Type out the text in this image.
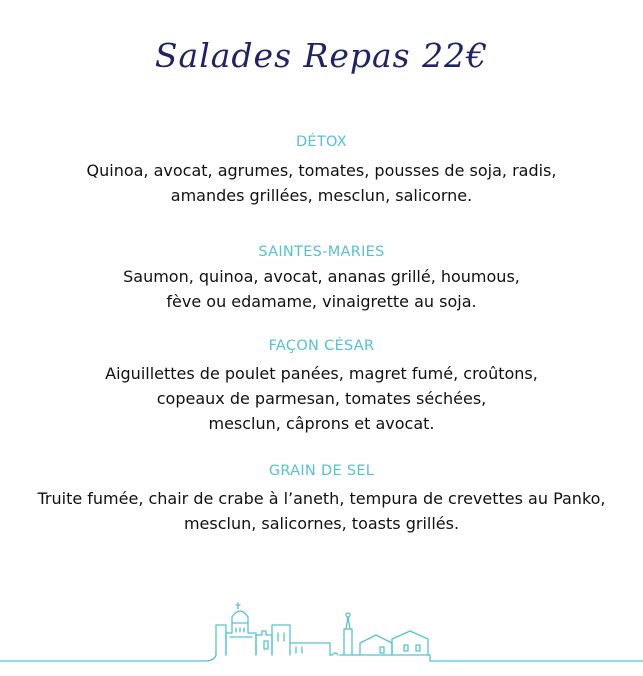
Salades Repas 22€
DÉTOX
Quinoa, avocat, agrumes, tomates, pousses de soja, radis,
amandes grillées, mesclun, salicorne.
SAINTES-MARIES
Saumon, quinoa, avocat, ananas grillé, houmous,
fève ou edamame, vinaigrette au soja.
FAÇON CÉSAR
Aiguillettes de poulet panées, magret fumé, croûtons,
copeaux de parmesan, tomates séchées,
mesclun, câprons et avocat.
GRAIN DE SEL
Truite fumée, chair de crabe à l’aneth, tempura de crevettes au Panko,
mesclun, salicornes, toasts grillés.
